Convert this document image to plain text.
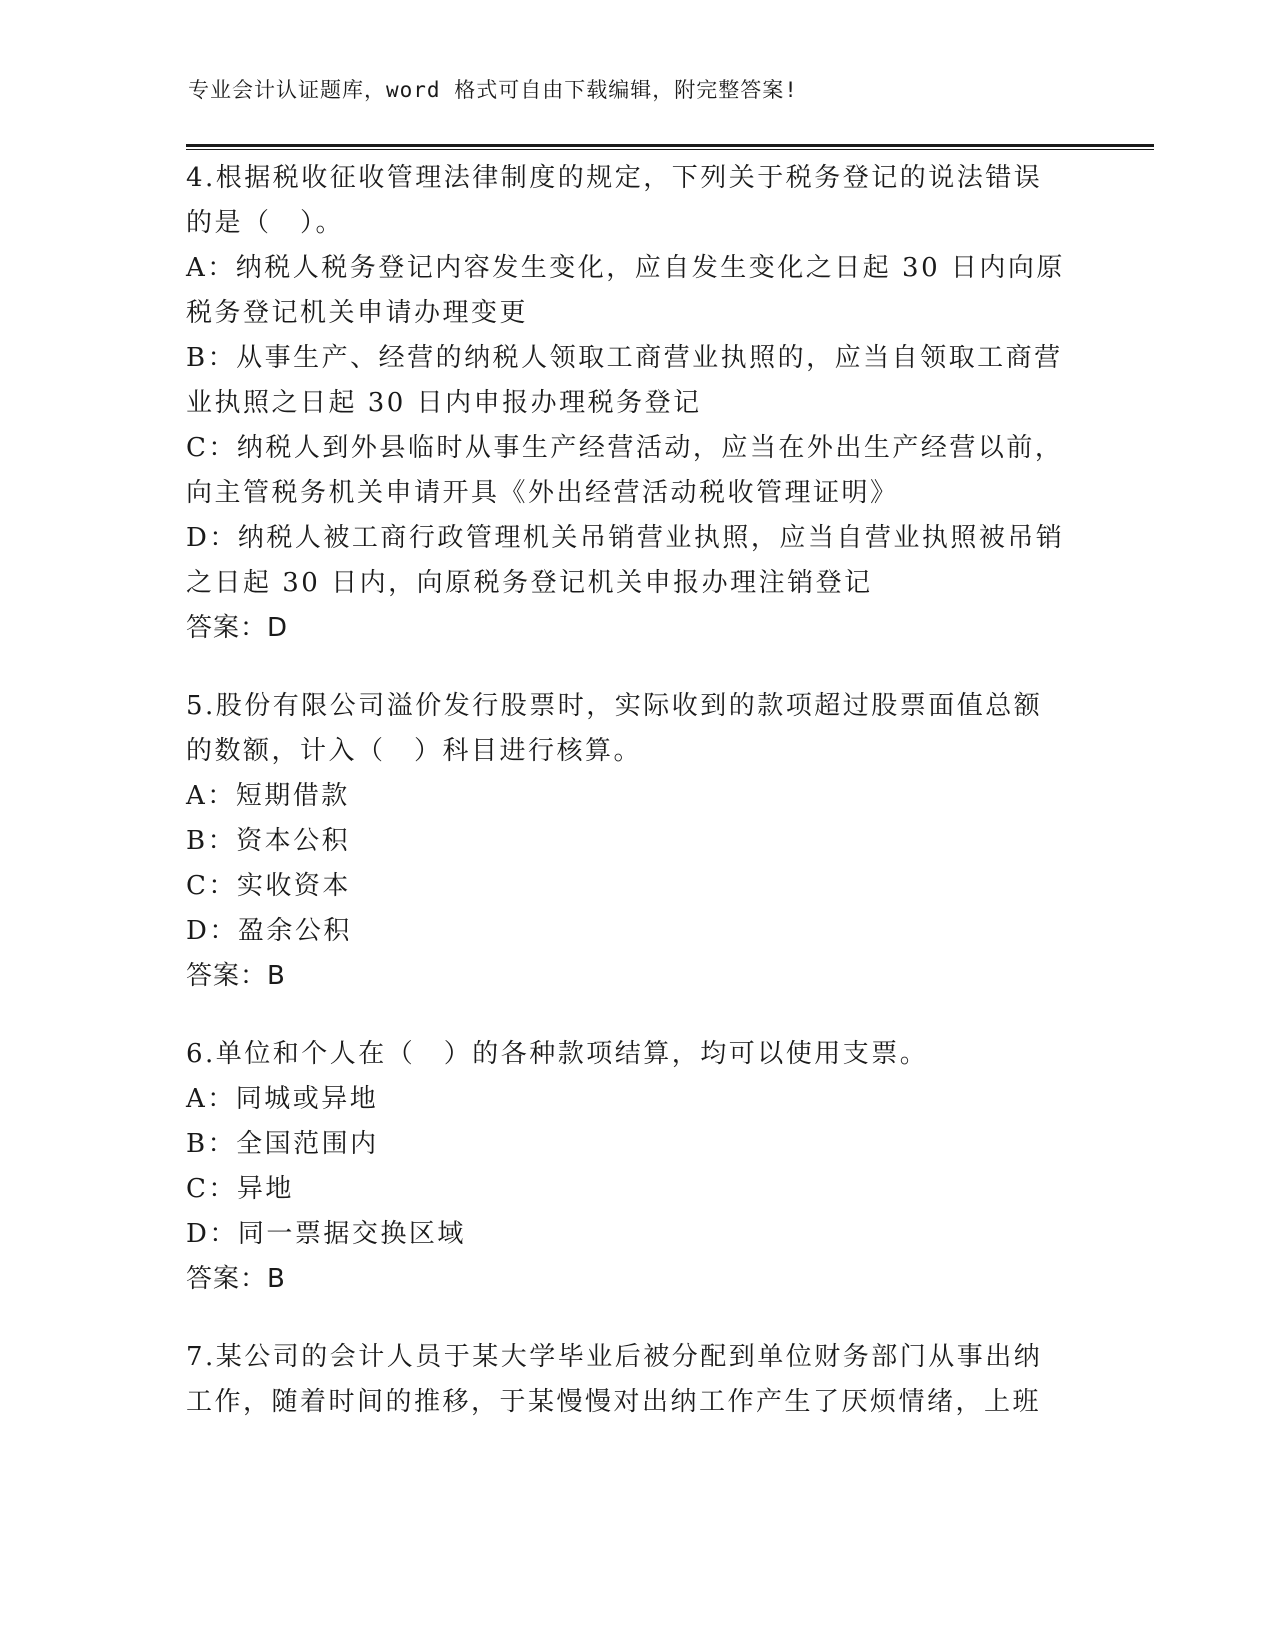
专业会计认证题库，word 格式可自由下载编辑，附完整答案!
4.根据税收征收管理法律制度的规定，下列关于税务登记的说法错误
的是（　）。
A：纳税人税务登记内容发生变化，应自发生变化之日起 30 日内向原
税务登记机关申请办理变更
B：从事生产、经营的纳税人领取工商营业执照的，应当自领取工商营
业执照之日起 30 日内申报办理税务登记
C：纳税人到外县临时从事生产经营活动，应当在外出生产经营以前，
向主管税务机关申请开具《外出经营活动税收管理证明》
D：纳税人被工商行政管理机关吊销营业执照，应当自营业执照被吊销
之日起 30 日内，向原税务登记机关申报办理注销登记
答案：D
5.股份有限公司溢价发行股票时，实际收到的款项超过股票面值总额
的数额，计入（　）科目进行核算。
A：短期借款
B：资本公积
C：实收资本
D：盈余公积
答案：B
6.单位和个人在（　）的各种款项结算，均可以使用支票。
A：同城或异地
B：全国范围内
C：异地
D：同一票据交换区域
答案：B
7.某公司的会计人员于某大学毕业后被分配到单位财务部门从事出纳
工作，随着时间的推移，于某慢慢对出纳工作产生了厌烦情绪，上班
